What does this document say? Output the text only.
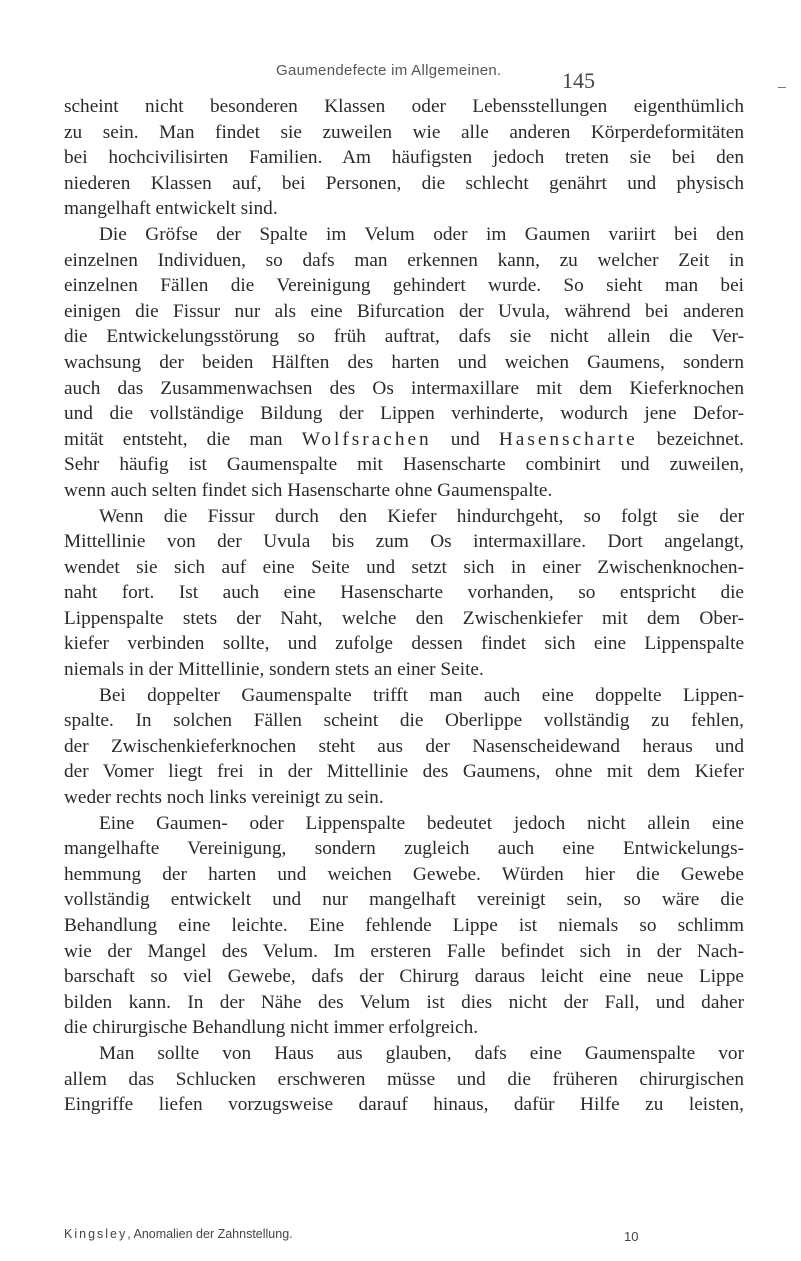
Gaumendefecte im Allgemeinen.	145	_
scheint nicht besonderen Klassen oder Lebensstellungen eigenthümlich
zu sein. Man findet sie zuweilen wie alle anderen Körperdeformitäten
bei hochcivilisirten Familien. Am häufigsten jedoch treten sie bei den
niederen Klassen auf, bei Personen, die schlecht genährt und physisch
mangelhaft entwickelt sind.
Die Gröfse der Spalte im Velum oder im Gaumen variirt bei den
einzelnen Individuen, so dafs man erkennen kann, zu welcher Zeit in
einzelnen Fällen die Vereinigung gehindert wurde. So sieht man bei
einigen die Fissur nur als eine Bifurcation der Uvula, während bei anderen
die Entwickelungsstörung so früh auftrat, dafs sie nicht allein die Ver-
wachsung der beiden Hälften des harten und weichen Gaumens, sondern
auch das Zusammenwachsen des Os intermaxillare mit dem Kieferknochen
und die vollständige Bildung der Lippen verhinderte, wodurch jene Defor-
mität entsteht, die man Wolfsrachen und Hasenscharte bezeichnet.
Sehr häufig ist Gaumenspalte mit Hasenscharte combinirt und zuweilen,
wenn auch selten findet sich Hasenscharte ohne Gaumenspalte.
Wenn die Fissur durch den Kiefer hindurchgeht, so folgt sie der
Mittellinie von der Uvula bis zum Os intermaxillare. Dort angelangt,
wendet sie sich auf eine Seite und setzt sich in einer Zwischenknochen-
naht fort. Ist auch eine Hasenscharte vorhanden, so entspricht die
Lippenspalte stets der Naht, welche den Zwischenkiefer mit dem Ober-
kiefer verbinden sollte, und zufolge dessen findet sich eine Lippenspalte
niemals in der Mittellinie, sondern stets an einer Seite.
Bei doppelter Gaumenspalte trifft man auch eine doppelte Lippen-
spalte. In solchen Fällen scheint die Oberlippe vollständig zu fehlen,
der Zwischenkieferknochen steht aus der Nasenscheidewand heraus und
der Vomer liegt frei in der Mittellinie des Gaumens, ohne mit dem Kiefer
weder rechts noch links vereinigt zu sein.
Eine Gaumen- oder Lippenspalte bedeutet jedoch nicht allein eine
mangelhafte Vereinigung, sondern zugleich auch eine Entwickelungs-
hemmung der harten und weichen Gewebe. Würden hier die Gewebe
vollständig entwickelt und nur mangelhaft vereinigt sein, so wäre die
Behandlung eine leichte. Eine fehlende Lippe ist niemals so schlimm
wie der Mangel des Velum. Im ersteren Falle befindet sich in der Nach-
barschaft so viel Gewebe, dafs der Chirurg daraus leicht eine neue Lippe
bilden kann. In der Nähe des Velum ist dies nicht der Fall, und daher
die chirurgische Behandlung nicht immer erfolgreich.
Man sollte von Haus aus glauben, dafs eine Gaumenspalte vor
allem das Schlucken erschweren müsse und die früheren chirurgischen
Eingriffe liefen vorzugsweise darauf hinaus, dafür Hilfe zu leisten,
Kingsley, Anomalien der Zahnstellung.	10
